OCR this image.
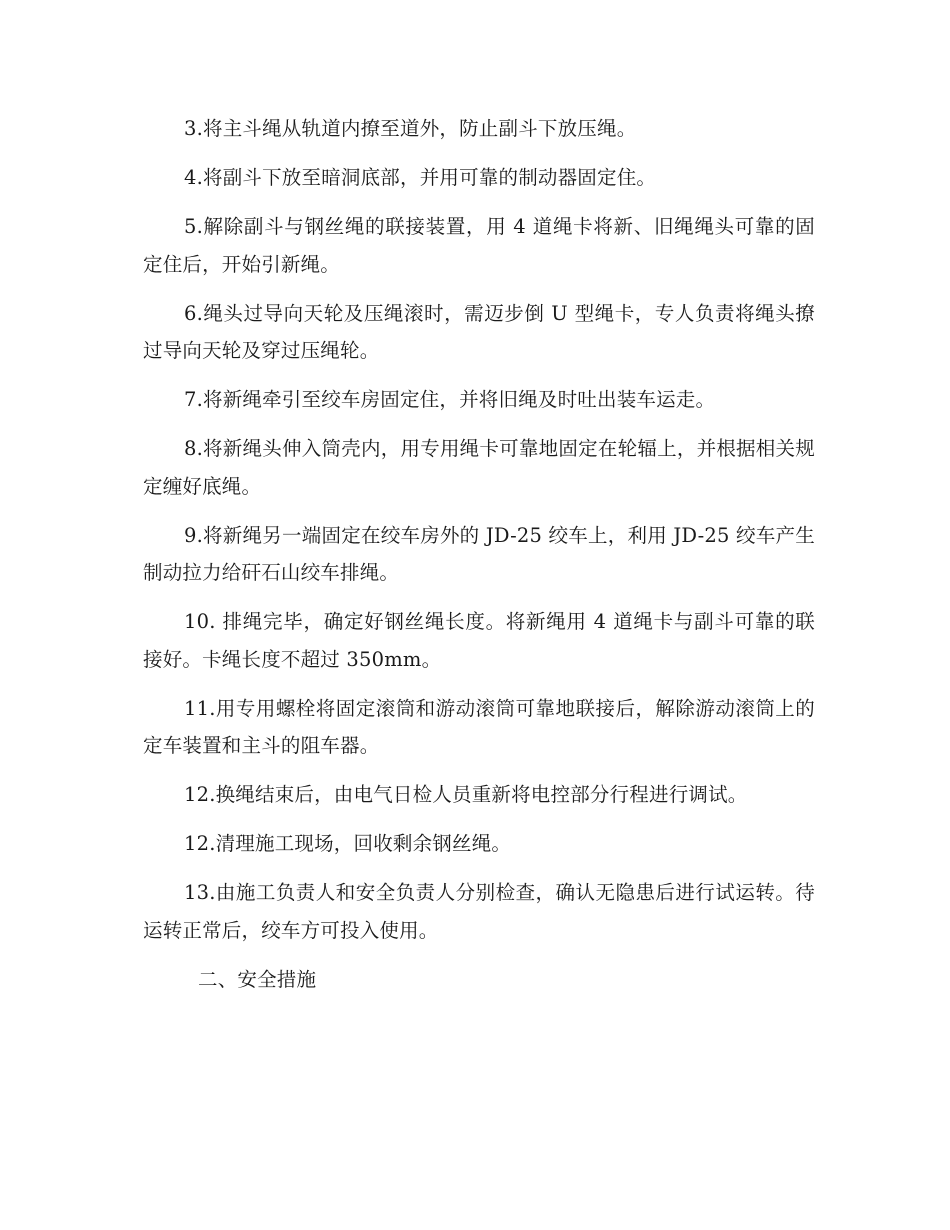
3.将主斗绳从轨道内撩至道外，防止副斗下放压绳。

4.将副斗下放至暗洞底部，并用可靠的制动器固定住。

5.解除副斗与钢丝绳的联接装置，用 4 道绳卡将新、旧绳绳头可靠的固定住后，开始引新绳。

6.绳头过导向天轮及压绳滚时，需迈步倒 U 型绳卡，专人负责将绳头撩过导向天轮及穿过压绳轮。

7.将新绳牵引至绞车房固定住，并将旧绳及时吐出装车运走。

8.将新绳头伸入筒壳内，用专用绳卡可靠地固定在轮辐上，并根据相关规定缠好底绳。

9.将新绳另一端固定在绞车房外的 JD-25 绞车上，利用 JD-25 绞车产生制动拉力给矸石山绞车排绳。

10. 排绳完毕，确定好钢丝绳长度。将新绳用 4 道绳卡与副斗可靠的联接好。卡绳长度不超过 350mm。

11.用专用螺栓将固定滚筒和游动滚筒可靠地联接后，解除游动滚筒上的定车装置和主斗的阻车器。

12.换绳结束后，由电气日检人员重新将电控部分行程进行调试。

12.清理施工现场，回收剩余钢丝绳。

13.由施工负责人和安全负责人分别检查，确认无隐患后进行试运转。待运转正常后，绞车方可投入使用。

二、安全措施
